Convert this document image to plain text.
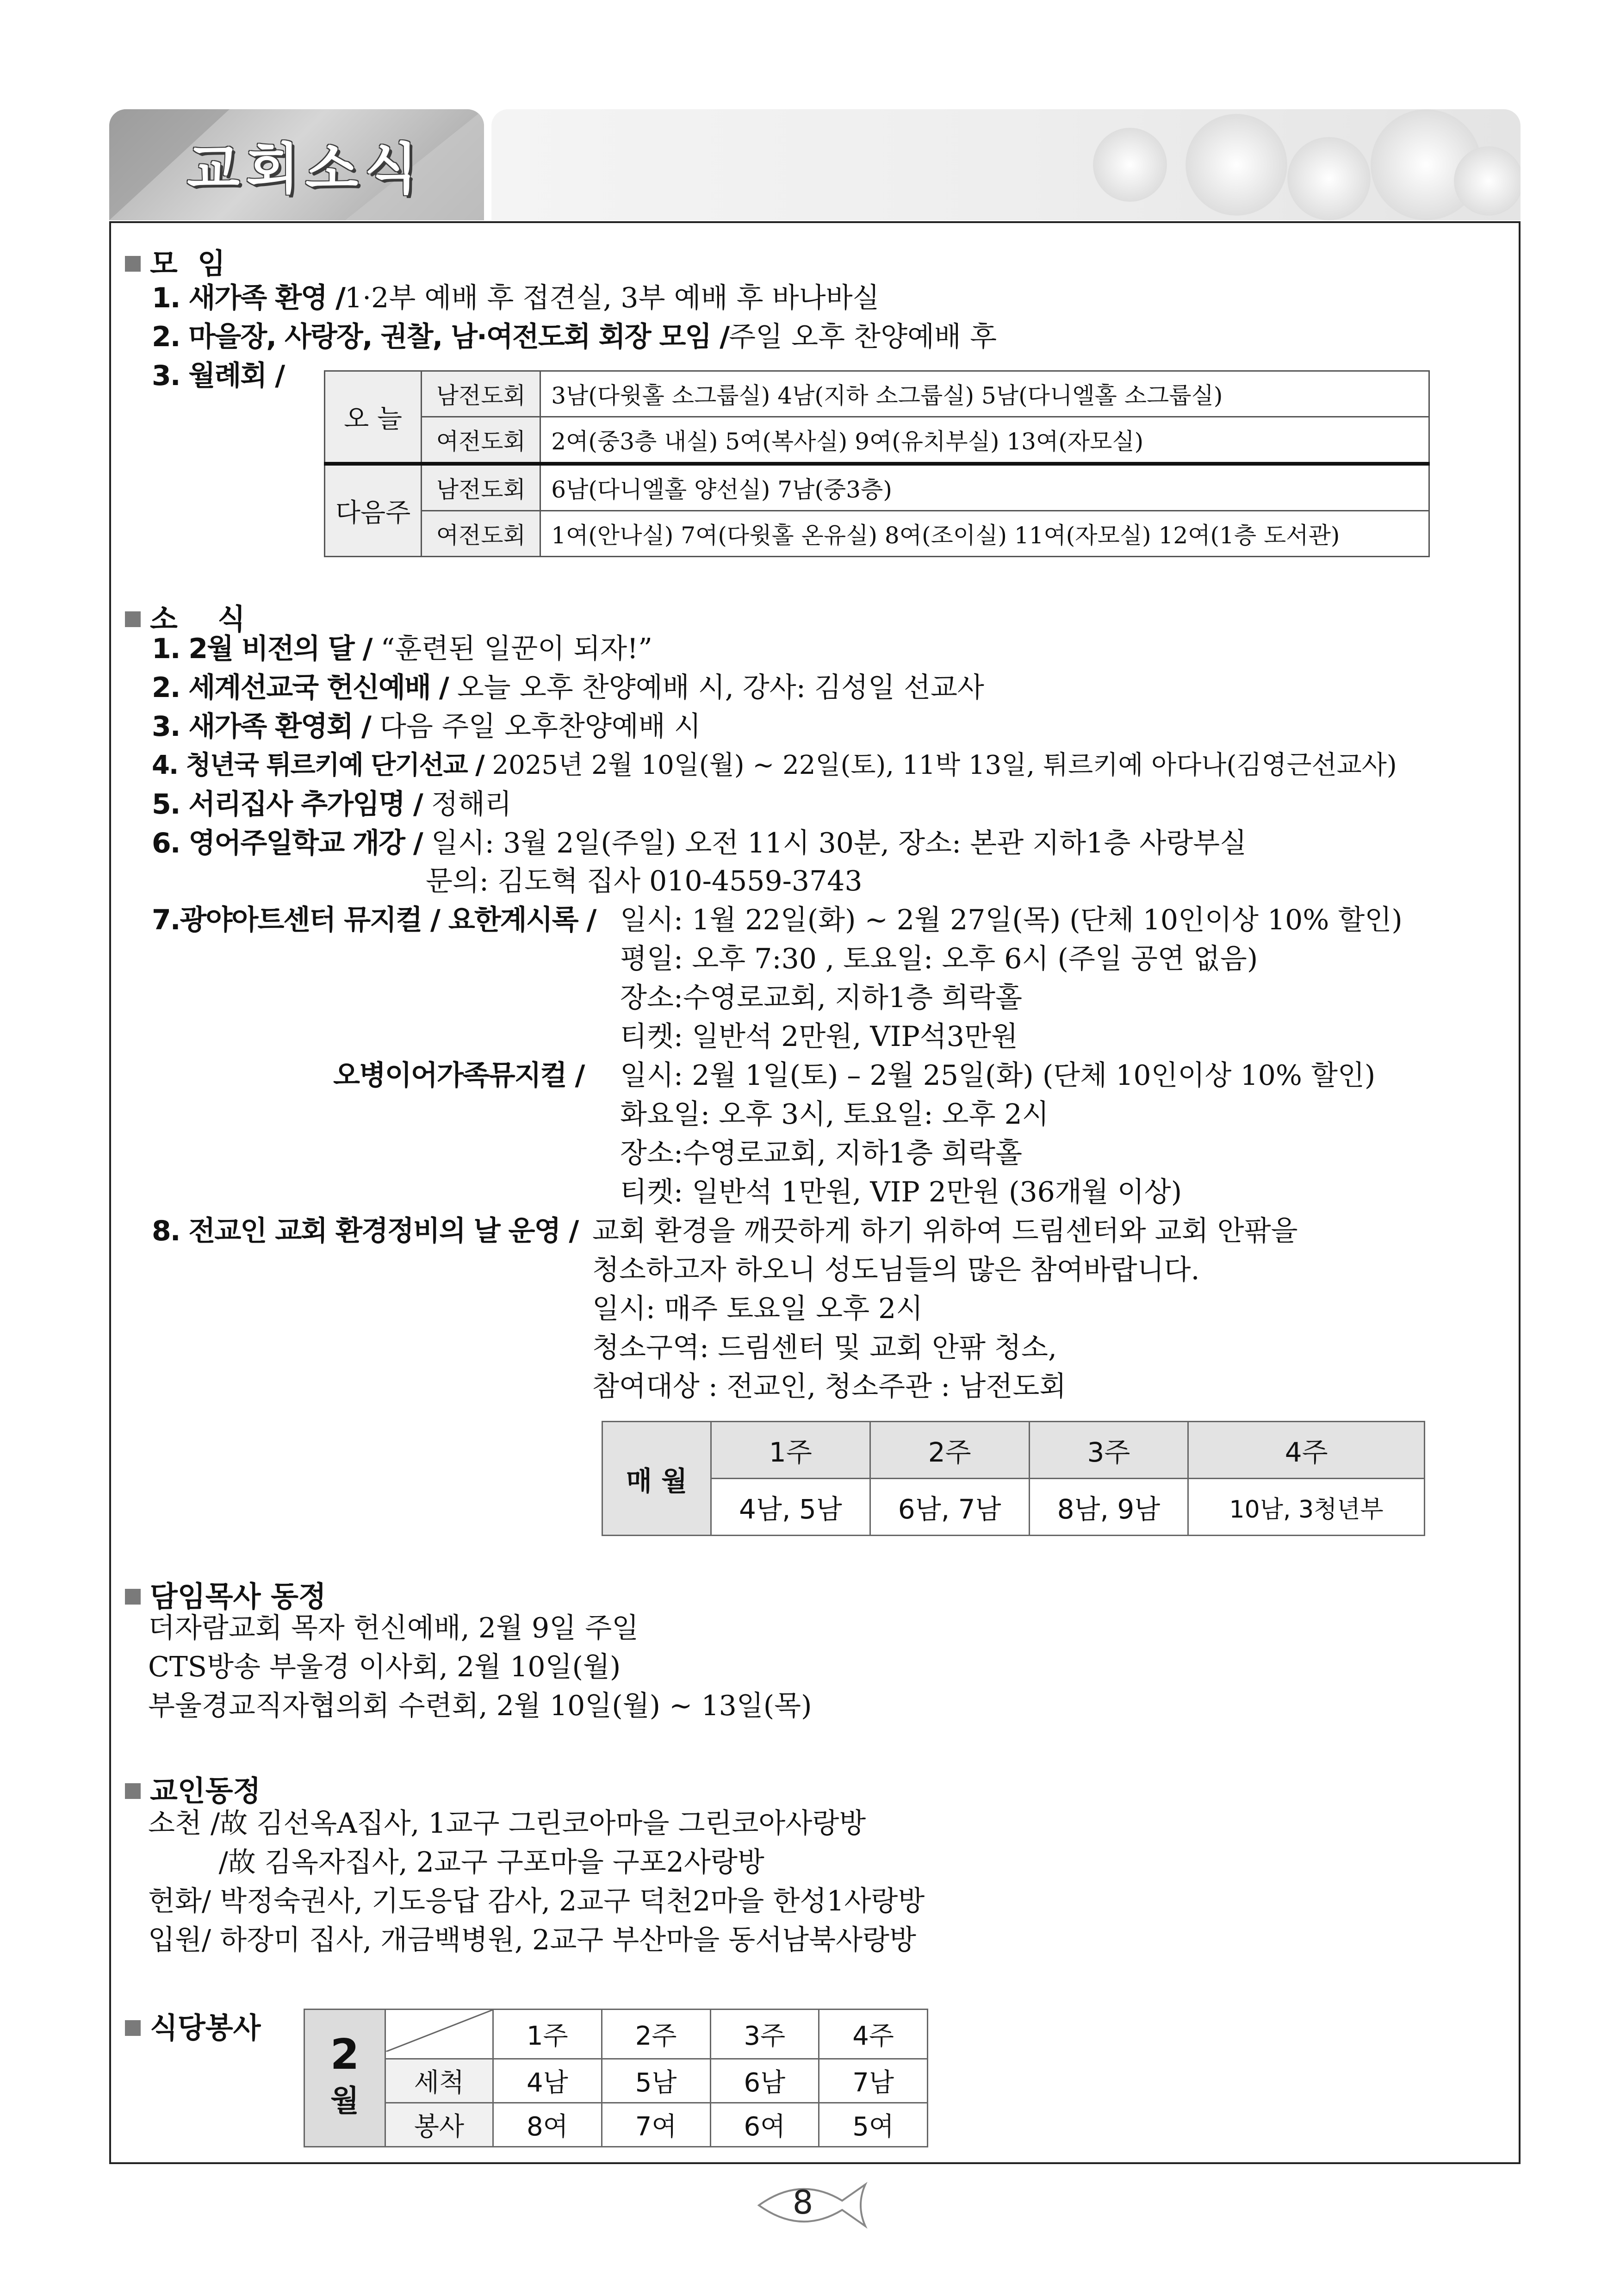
교회소식
모  임
1. 새가족 환영 /1·2부 예배 후 접견실, 3부 예배 후 바나바실
2. 마을장, 사랑장, 권찰, 남·여전도회 회장 모임 /주일 오후 찬양예배 후
3. 월례회 /
오 늘	남전도회	3남(다윗홀 소그룹실) 4남(지하 소그룹실) 5남(다니엘홀 소그룹실)
	여전도회	2여(중3층 내실) 5여(복사실) 9여(유치부실) 13여(자모실)
다음주	남전도회	6남(다니엘홀 양선실) 7남(중3층)
	여전도회	1여(안나실) 7여(다윗홀 온유실) 8여(조이실) 11여(자모실) 12여(1층 도서관)
소    식
1. 2월 비전의 달 / “훈련된 일꾼이 되자!”
2. 세계선교국 헌신예배 / 오늘 오후 찬양예배 시, 강사: 김성일 선교사
3. 새가족 환영회 / 다음 주일 오후찬양예배 시
4. 청년국 튀르키예 단기선교 / 2025년 2월 10일(월) ~ 22일(토), 11박 13일, 튀르키예 아다나(김영근선교사)
5. 서리집사 추가임명 / 정해리
6. 영어주일학교 개강 / 일시: 3월 2일(주일) 오전 11시 30분, 장소: 본관 지하1층 사랑부실
문의: 김도혁 집사 010-4559-3743
7.광야아트센터 뮤지컬 / 요한계시록 / 일시: 1월 22일(화) ~ 2월 27일(목) (단체 10인이상 10% 할인)
평일: 오후 7:30 , 토요일: 오후 6시 (주일 공연 없음)
장소:수영로교회, 지하1층 희락홀
티켓: 일반석 2만원, VIP석3만원
오병이어가족뮤지컬 / 일시: 2월 1일(토) – 2월 25일(화) (단체 10인이상 10% 할인)
화요일: 오후 3시, 토요일: 오후 2시
장소:수영로교회, 지하1층 희락홀
티켓: 일반석 1만원, VIP 2만원 (36개월 이상)
8. 전교인 교회 환경정비의 날 운영 / 교회 환경을 깨끗하게 하기 위하여 드림센터와 교회 안팎을
청소하고자 하오니 성도님들의 많은 참여바랍니다.
일시: 매주 토요일 오후 2시
청소구역: 드림센터 및 교회 안팎 청소,
참여대상 : 전교인, 청소주관 : 남전도회
매 월	1주	2주	3주	4주
	4남, 5남	6남, 7남	8남, 9남	10남, 3청년부
담임목사 동정
더자람교회 목자 헌신예배, 2월 9일 주일
CTS방송 부울경 이사회, 2월 10일(월)
부울경교직자협의회 수련회, 2월 10일(월) ~ 13일(목)
교인동정
소천 /故 김선옥A집사, 1교구 그린코아마을 그린코아사랑방
/故 김옥자집사, 2교구 구포마을 구포2사랑방
헌화/ 박정숙권사, 기도응답 감사, 2교구 덕천2마을 한성1사랑방
입원/ 하장미 집사, 개금백병원, 2교구 부산마을 동서남북사랑방
식당봉사
2
월		1주	2주	3주	4주
	세척	4남	5남	6남	7남
	봉사	8여	7여	6여	5여
8
